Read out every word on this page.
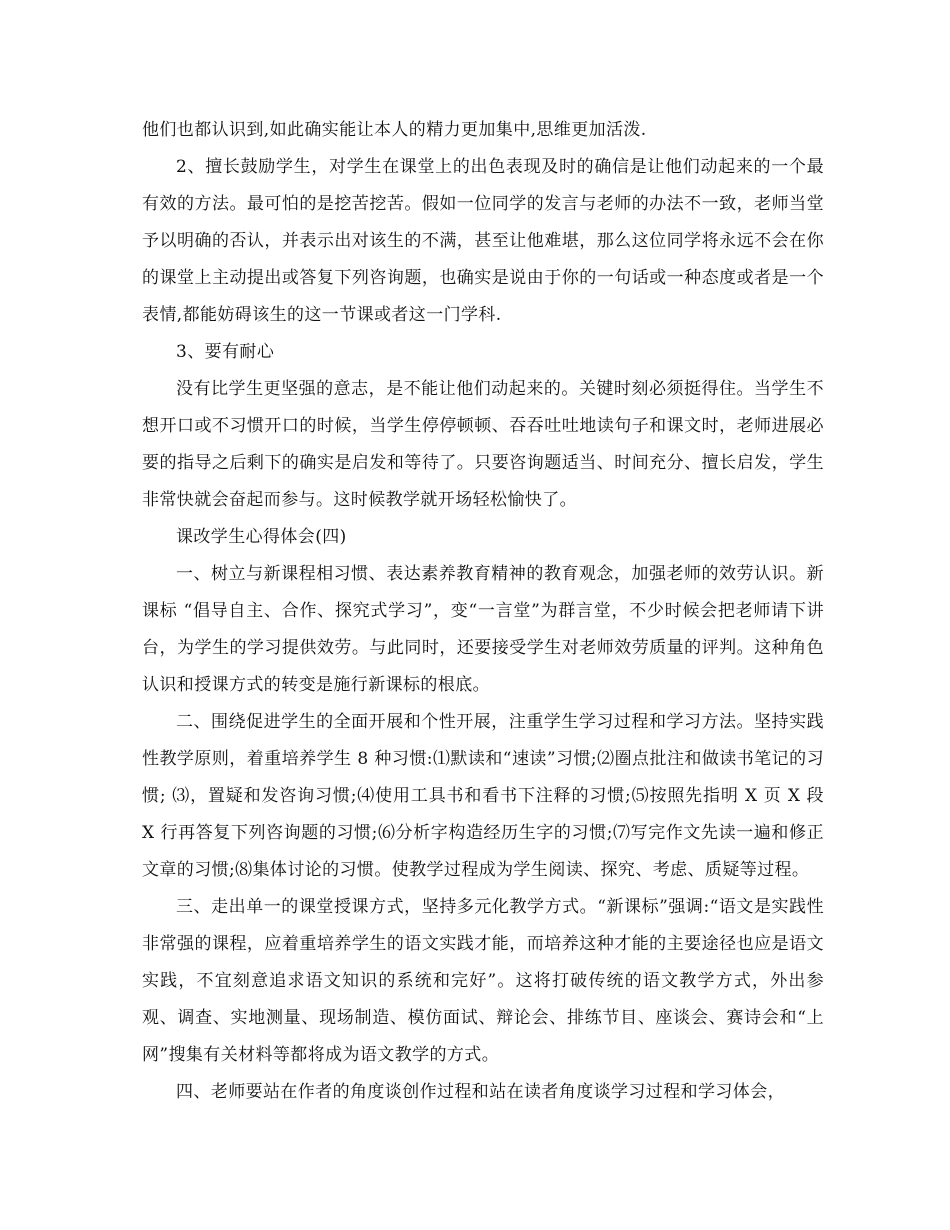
他们也都认识到,如此确实能让本人的精力更加集中,思维更加活泼.

2、擅长鼓励学生，对学生在课堂上的出色表现及时的确信是让他们动起来的一个最有效的方法。最可怕的是挖苦挖苦。假如一位同学的发言与老师的办法不一致，老师当堂予以明确的否认，并表示出对该生的不满，甚至让他难堪，那么这位同学将永远不会在你的课堂上主动提出或答复下列咨询题，也确实是说由于你的一句话或一种态度或者是一个表情,都能妨碍该生的这一节课或者这一门学科.

3、要有耐心

没有比学生更坚强的意志，是不能让他们动起来的。关键时刻必须挺得住。当学生不想开口或不习惯开口的时候，当学生停停顿顿、吞吞吐吐地读句子和课文时，老师进展必要的指导之后剩下的确实是启发和等待了。只要咨询题适当、时间充分、擅长启发，学生非常快就会奋起而参与。这时候教学就开场轻松愉快了。

课改学生心得体会(四)

一、树立与新课程相习惯、表达素养教育精神的教育观念，加强老师的效劳认识。新课标 “倡导自主、合作、探究式学习”，变“一言堂”为群言堂，不少时候会把老师请下讲台，为学生的学习提供效劳。与此同时，还要接受学生对老师效劳质量的评判。这种角色认识和授课方式的转变是施行新课标的根底。

二、围绕促进学生的全面开展和个性开展，注重学生学习过程和学习方法。坚持实践性教学原则，着重培养学生 8 种习惯:⑴默读和“速读”习惯;⑵圈点批注和做读书笔记的习惯; ⑶，置疑和发咨询习惯;⑷使用工具书和看书下注释的习惯;⑸按照先指明 X 页 X 段 X 行再答复下列咨询题的习惯;⑹分析字构造经历生字的习惯;⑺写完作文先读一遍和修正文章的习惯;⑻集体讨论的习惯。使教学过程成为学生阅读、探究、考虑、质疑等过程。

三、走出单一的课堂授课方式，坚持多元化教学方式。“新课标”强调:“语文是实践性非常强的课程，应着重培养学生的语文实践才能，而培养这种才能的主要途径也应是语文实践，不宜刻意追求语文知识的系统和完好”。这将打破传统的语文教学方式，外出参观、调查、实地测量、现场制造、模仿面试、辩论会、排练节目、座谈会、赛诗会和“上网”搜集有关材料等都将成为语文教学的方式。

四、老师要站在作者的角度谈创作过程和站在读者角度谈学习过程和学习体会，
